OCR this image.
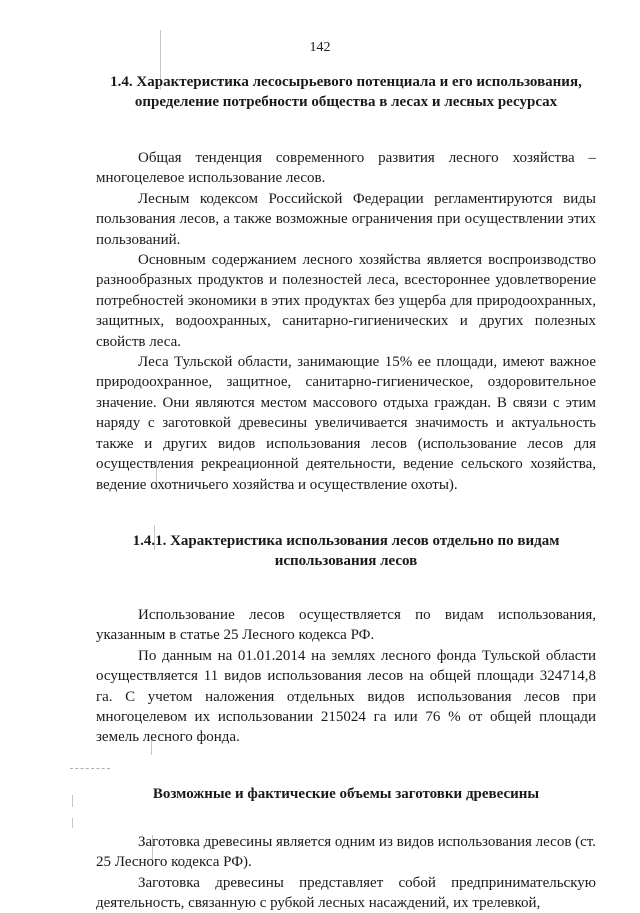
142
1.4. Характеристика лесосырьевого потенциала и его использования, определение потребности общества в лесах и лесных ресурсах

Общая тенденция современного развития лесного хозяйства – многоцелевое использование лесов.

Лесным кодексом Российской Федерации регламентируются виды пользования лесов, а также возможные ограничения при осуществлении этих пользований.

Основным содержанием лесного хозяйства является воспроизводство разнообразных продуктов и полезностей леса, всестороннее удовлетворение потребностей экономики в этих продуктах без ущерба для природоохранных, защитных, водоохранных, санитарно-гигиенических и других полезных свойств леса.

Леса Тульской области, занимающие 15% ее площади, имеют важное природоохранное, защитное, санитарно-гигиеническое, оздоровительное значение. Они являются местом массового отдыха граждан. В связи с этим наряду с заготовкой древесины увеличивается значимость и актуальность также и других видов использования лесов (использование лесов для осуществления рекреационной деятельности, ведение сельского хозяйства, ведение охотничьего хозяйства и осуществление охоты).

1.4.1. Характеристика использования лесов отдельно по видам использования лесов

Использование лесов осуществляется по видам использования, указанным в статье 25 Лесного кодекса РФ.

По данным на 01.01.2014 на землях лесного фонда Тульской области осуществляется 11 видов использования лесов на общей площади 324714,8 га. С учетом наложения отдельных видов использования лесов при многоцелевом их использовании 215024 га или 76 % от общей площади земель лесного фонда.

Возможные и фактические объемы заготовки древесины

Заготовка древесины является одним из видов использования лесов (ст. 25 Лесного кодекса РФ).

Заготовка древесины представляет собой предпринимательскую деятельность, связанную с рубкой лесных насаждений, их трелевкой,
